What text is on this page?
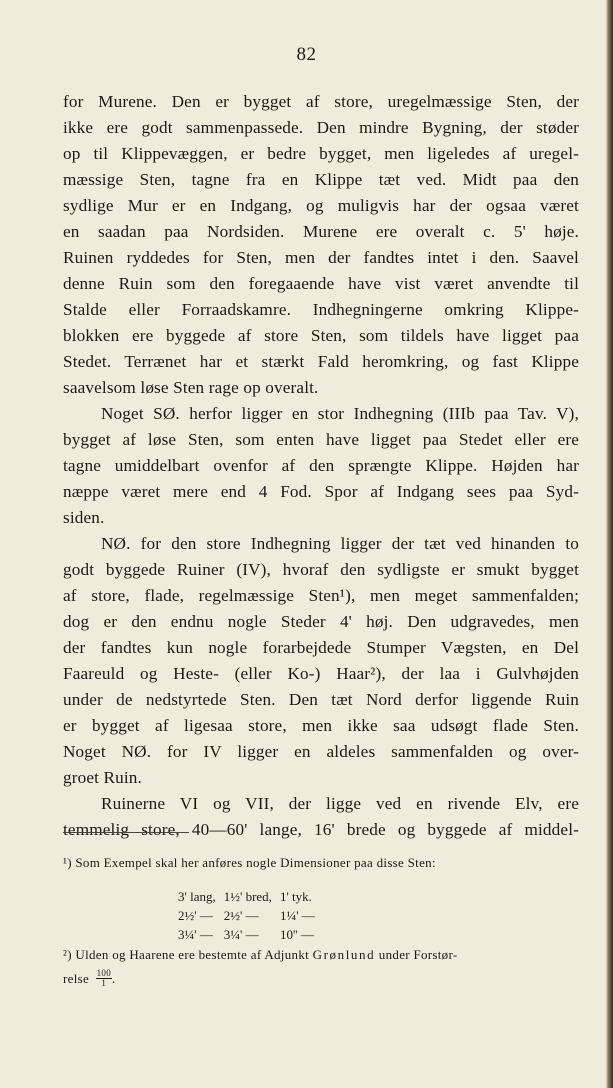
82
for Murene. Den er bygget af store, uregelmæssige Sten, der
ikke ere godt sammenpassede. Den mindre Bygning, der støder
op til Klippevæggen, er bedre bygget, men ligeledes af uregel-
mæssige Sten, tagne fra en Klippe tæt ved. Midt paa den
sydlige Mur er en Indgang, og muligvis har der ogsaa været
en saadan paa Nordsiden. Murene ere overalt c. 5' høje.
Ruinen ryddedes for Sten, men der fandtes intet i den. Saavel
denne Ruin som den foregaaende have vist været anvendte til
Stalde eller Forraadskamre. Indhegningerne omkring Klippe-
blokken ere byggede af store Sten, som tildels have ligget paa
Stedet. Terrænet har et stærkt Fald heromkring, og fast Klippe
saavelsom løse Sten rage op overalt.
Noget SØ. herfor ligger en stor Indhegning (IIIb paa Tav. V),
bygget af løse Sten, som enten have ligget paa Stedet eller ere
tagne umiddelbart ovenfor af den sprængte Klippe. Højden har
næppe været mere end 4 Fod. Spor af Indgang sees paa Syd-
siden.
NØ. for den store Indhegning ligger der tæt ved hinanden to
godt byggede Ruiner (IV), hvoraf den sydligste er smukt bygget
af store, flade, regelmæssige Sten¹), men meget sammenfalden;
dog er den endnu nogle Steder 4' høj. Den udgravedes, men
der fandtes kun nogle forarbejdede Stumper Vægsten, en Del
Faareuld og Heste- (eller Ko-) Haar²), der laa i Gulvhøjden
under de nedstyrtede Sten. Den tæt Nord derfor liggende Ruin
er bygget af ligesaa store, men ikke saa udsøgt flade Sten.
Noget NØ. for IV ligger en aldeles sammenfalden og over-
groet Ruin.
Ruinerne VI og VII, der ligge ved en rivende Elv, ere
temmelig store, 40—60' lange, 16' brede og byggede af middel-
¹) Som Exempel skal her anføres nogle Dimensioner paa disse Sten:
3' lang,	1½' bred,	1' tyk.
2½' —	2½' —	1¼' —
3¼' —	3¼' —	10'' —
²) Ulden og Haarene ere bestemte af Adjunkt Grønlund under Forstør-
relse $\frac{100}{1}$ .
